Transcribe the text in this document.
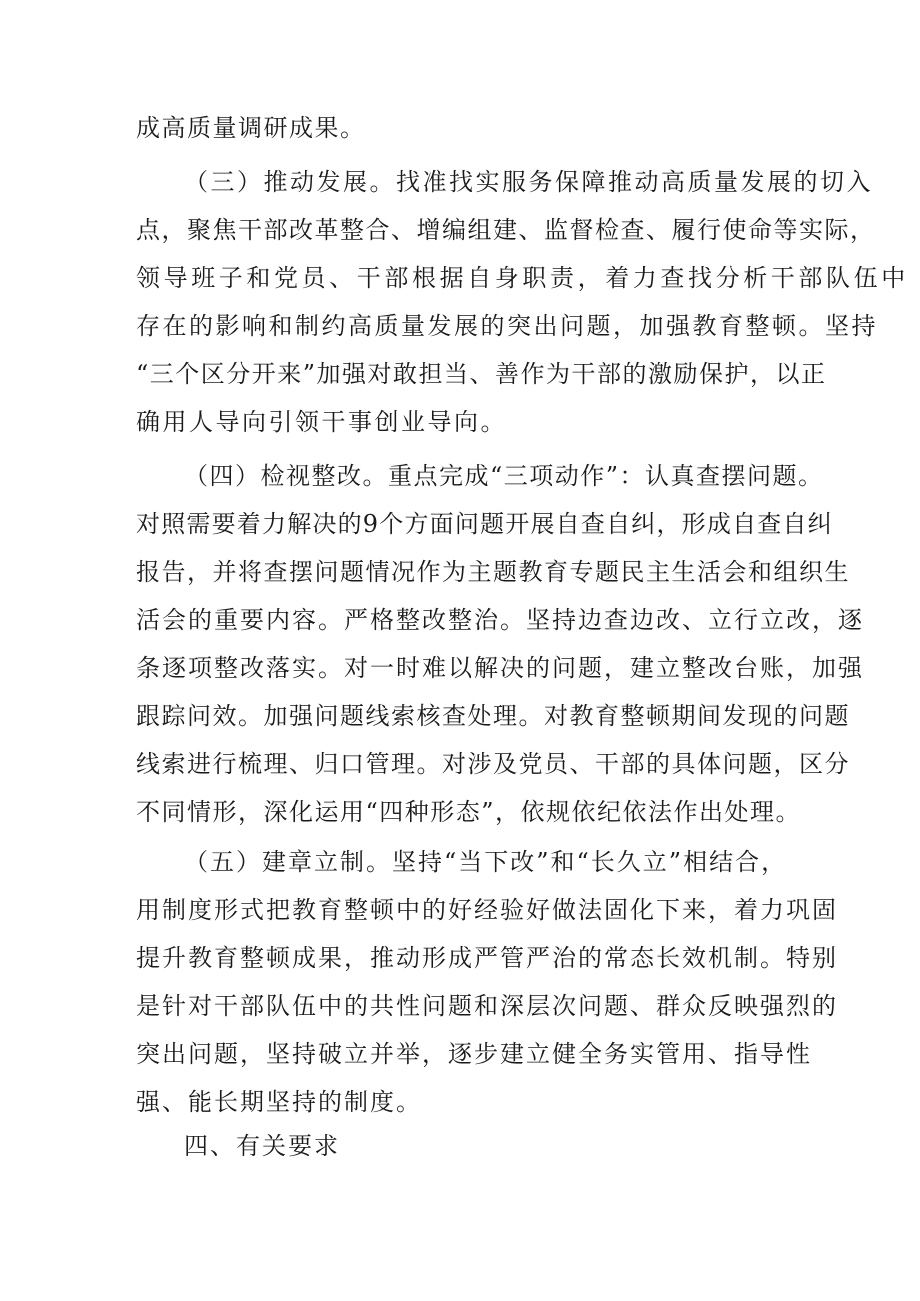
成高质量调研成果。
（三）推动发展。找准找实服务保障推动高质量发展的切入
点，聚焦干部改革整合、增编组建、监督检查、履行使命等实际，
领导班子和党员、干部根据自身职责，着力查找分析干部队伍中
存在的影响和制约高质量发展的突出问题，加强教育整顿。坚持
“三个区分开来”加强对敢担当、善作为干部的激励保护，以正
确用人导向引领干事创业导向。
（四）检视整改。重点完成“三项动作”：认真查摆问题。
对照需要着力解决的9个方面问题开展自查自纠，形成自查自纠
报告，并将查摆问题情况作为主题教育专题民主生活会和组织生
活会的重要内容。严格整改整治。坚持边查边改、立行立改，逐
条逐项整改落实。对一时难以解决的问题，建立整改台账，加强
跟踪问效。加强问题线索核查处理。对教育整顿期间发现的问题
线索进行梳理、归口管理。对涉及党员、干部的具体问题，区分
不同情形，深化运用“四种形态”，依规依纪依法作出处理。
（五）建章立制。坚持“当下改”和“长久立”相结合，
用制度形式把教育整顿中的好经验好做法固化下来，着力巩固
提升教育整顿成果，推动形成严管严治的常态长效机制。特别
是针对干部队伍中的共性问题和深层次问题、群众反映强烈的
突出问题，坚持破立并举，逐步建立健全务实管用、指导性
强、能长期坚持的制度。
四、有关要求
